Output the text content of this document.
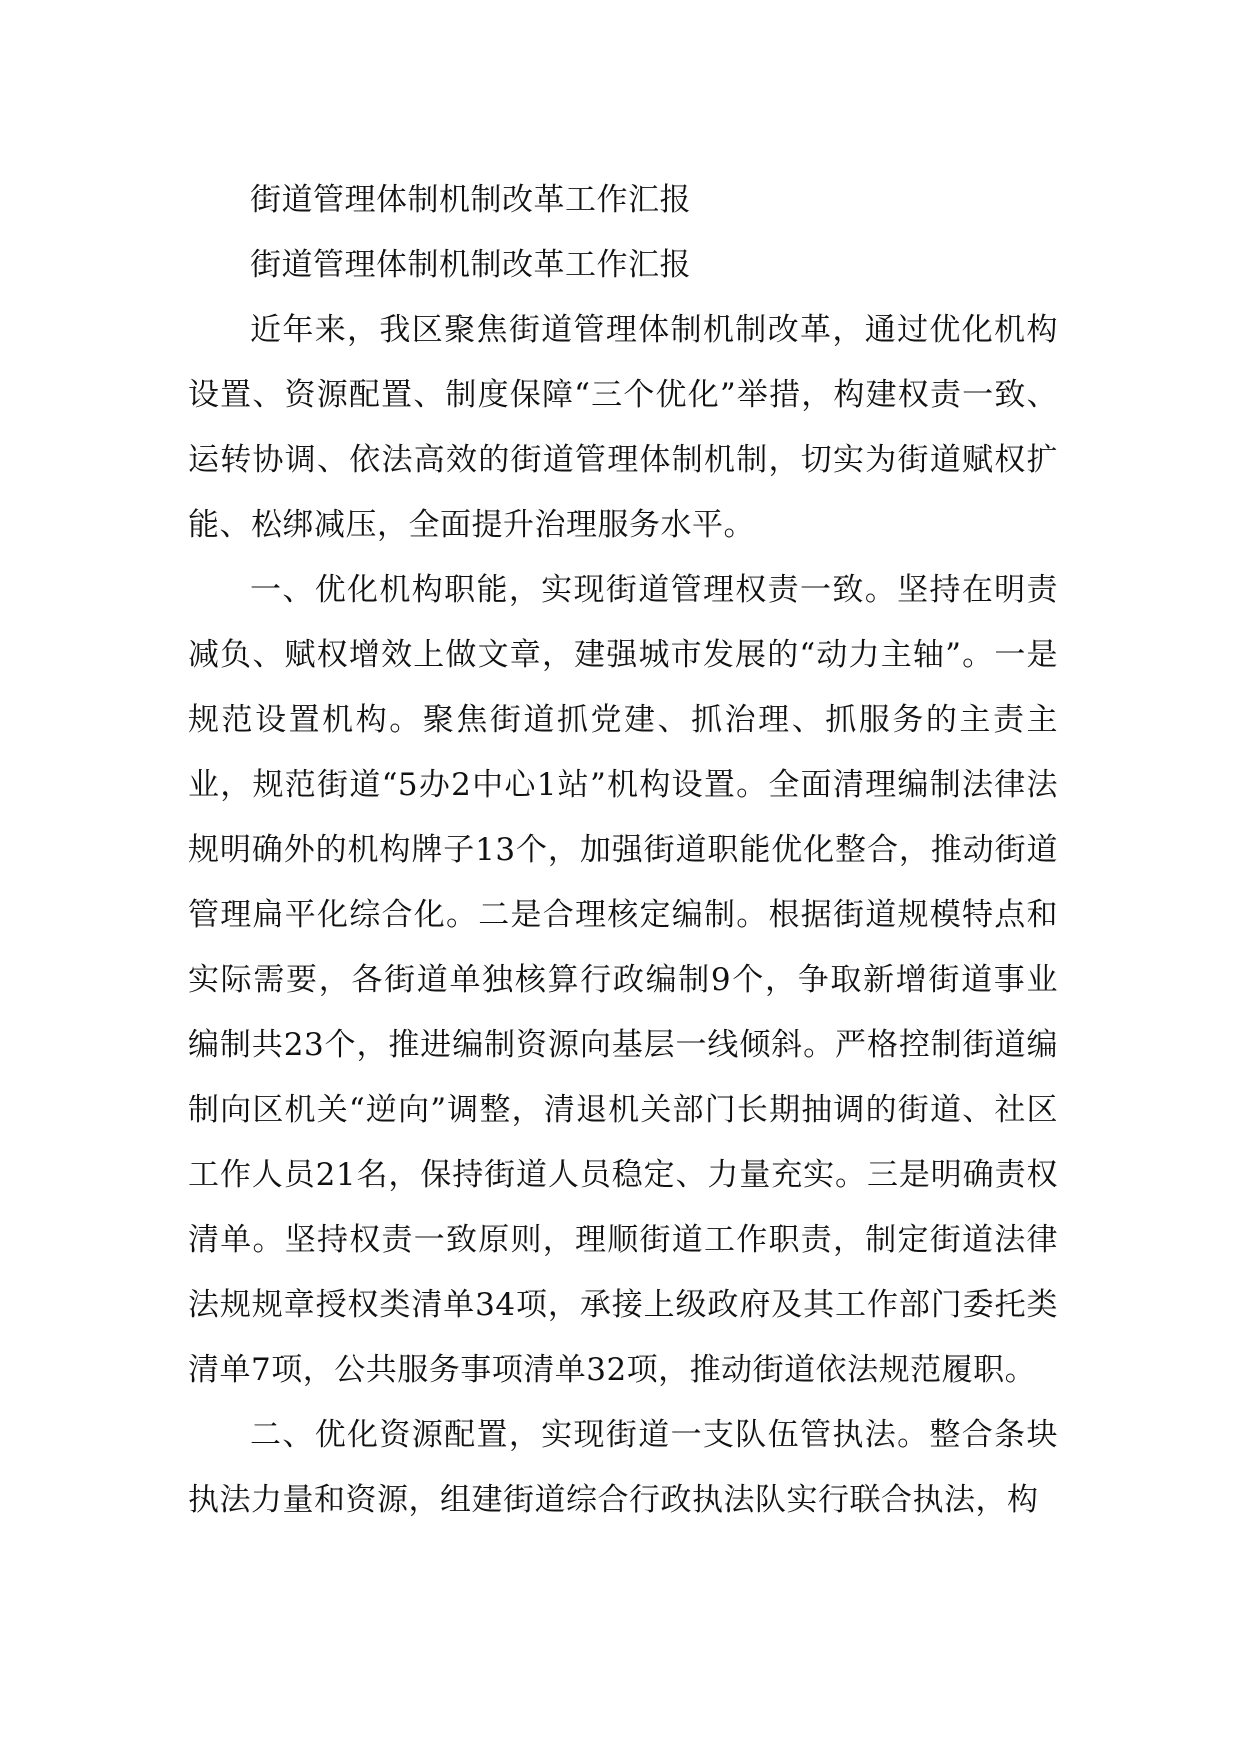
街道管理体制机制改革工作汇报
街道管理体制机制改革工作汇报

近年来，我区聚焦街道管理体制机制改革，通过优化机构设置、资源配置、制度保障“三个优化”举措，构建权责一致、运转协调、依法高效的街道管理体制机制，切实为街道赋权扩能、松绑减压，全面提升治理服务水平。

一、优化机构职能，实现街道管理权责一致。坚持在明责减负、赋权增效上做文章，建强城市发展的“动力主轴”。一是规范设置机构。聚焦街道抓党建、抓治理、抓服务的主责主业，规范街道“5办2中心1站”机构设置。全面清理编制法律法规明确外的机构牌子13个，加强街道职能优化整合，推动街道管理扁平化综合化。二是合理核定编制。根据街道规模特点和实际需要，各街道单独核算行政编制9个，争取新增街道事业编制共23个，推进编制资源向基层一线倾斜。严格控制街道编制向区机关“逆向”调整，清退机关部门长期抽调的街道、社区工作人员21名，保持街道人员稳定、力量充实。三是明确责权清单。坚持权责一致原则，理顺街道工作职责，制定街道法律法规规章授权类清单34项，承接上级政府及其工作部门委托类清单7项，公共服务事项清单32项，推动街道依法规范履职。

二、优化资源配置，实现街道一支队伍管执法。整合条块执法力量和资源，组建街道综合行政执法队实行联合执法，构
